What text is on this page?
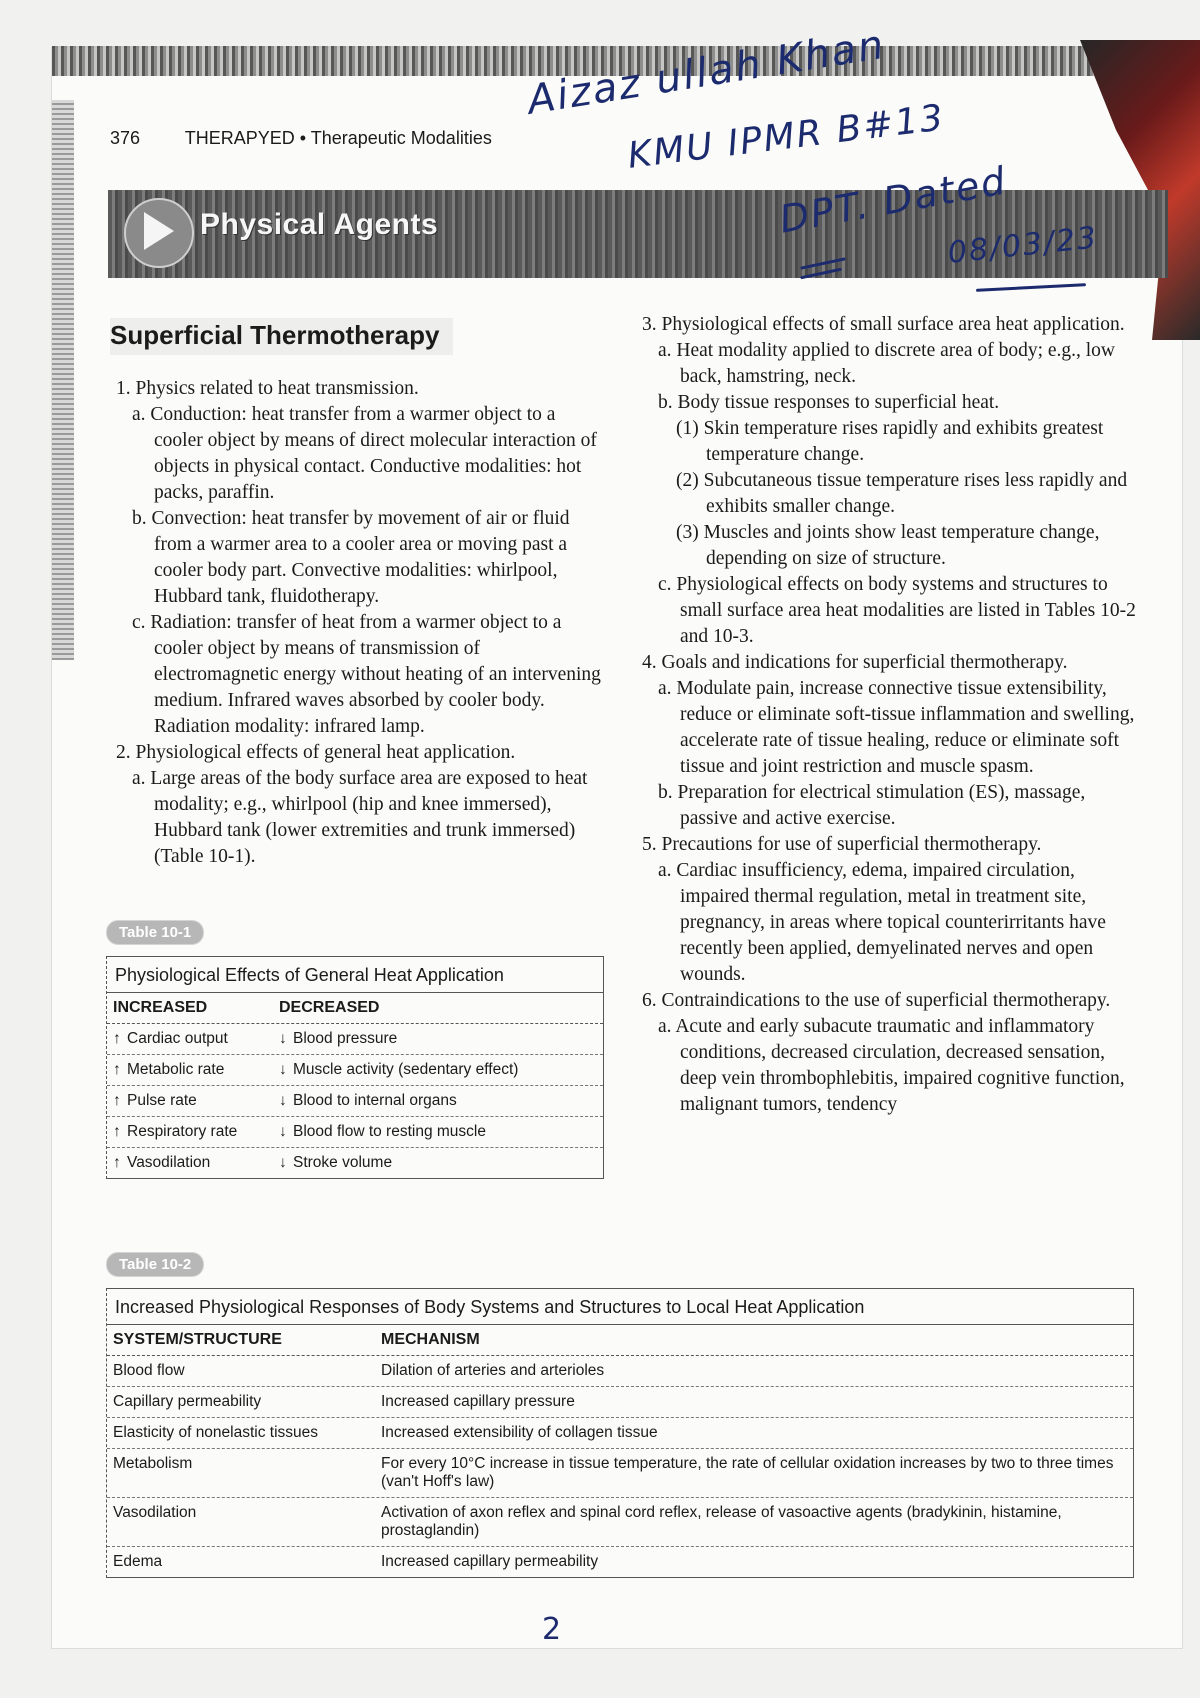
376 THERAPYED • Therapeutic Modalities
Physical Agents
Aizaz ullah Khan
KMU IPMR B#13
DPT. Dated
08/03/23
Superficial Thermotherapy

1. Physics related to heat transmission.

a. Conduction: heat transfer from a warmer object to a cooler object by means of direct molecular interaction of objects in physical contact. Conductive modalities: hot packs, paraffin.

b. Convection: heat transfer by movement of air or fluid from a warmer area to a cooler area or moving past a cooler body part. Convective modalities: whirlpool, Hubbard tank, fluidotherapy.

c. Radiation: transfer of heat from a warmer object to a cooler object by means of transmission of electromagnetic energy without heating of an intervening medium. Infrared waves absorbed by cooler body. Radiation modality: infrared lamp.

2. Physiological effects of general heat application.

a. Large areas of the body surface area are exposed to heat modality; e.g., whirlpool (hip and knee immersed), Hubbard tank (lower extremities and trunk immersed) (Table 10-1).

3. Physiological effects of small surface area heat application.

a. Heat modality applied to discrete area of body; e.g., low back, hamstring, neck.

b. Body tissue responses to superficial heat.

(1) Skin temperature rises rapidly and exhibits greatest temperature change.

(2) Subcutaneous tissue temperature rises less rapidly and exhibits smaller change.

(3) Muscles and joints show least temperature change, depending on size of structure.

c. Physiological effects on body systems and structures to small surface area heat modalities are listed in Tables 10-2 and 10-3.

4. Goals and indications for superficial thermotherapy.

a. Modulate pain, increase connective tissue extensibility, reduce or eliminate soft-tissue inflammation and swelling, accelerate rate of tissue healing, reduce or eliminate soft tissue and joint restriction and muscle spasm.

b. Preparation for electrical stimulation (ES), massage, passive and active exercise.

5. Precautions for use of superficial thermotherapy.

a. Cardiac insufficiency, edema, impaired circulation, impaired thermal regulation, metal in treatment site, pregnancy, in areas where topical counterirritants have recently been applied, demyelinated nerves and open wounds.

6. Contraindications to the use of superficial thermotherapy.

a. Acute and early subacute traumatic and inflammatory conditions, decreased circulation, decreased sensation, deep vein thrombophlebitis, impaired cognitive function, malignant tumors, tendency

Table 10-1
Physiological Effects of General Heat Application
INCREASED	DECREASED
↑ Cardiac output	↓ Blood pressure
↑ Metabolic rate	↓ Muscle activity (sedentary effect)
↑ Pulse rate	↓ Blood to internal organs
↑ Respiratory rate	↓ Blood flow to resting muscle
↑ Vasodilation	↓ Stroke volume
Table 10-2
Increased Physiological Responses of Body Systems and Structures to Local Heat Application
SYSTEM/STRUCTURE	MECHANISM
Blood flow	Dilation of arteries and arterioles
Capillary permeability	Increased capillary pressure
Elasticity of nonelastic tissues	Increased extensibility of collagen tissue
Metabolism	For every 10°C increase in tissue temperature, the rate of cellular oxidation increases by two to three times (van't Hoff's law)
Vasodilation	Activation of axon reflex and spinal cord reflex, release of vasoactive agents (bradykinin, histamine, prostaglandin)
Edema	Increased capillary permeability
2
